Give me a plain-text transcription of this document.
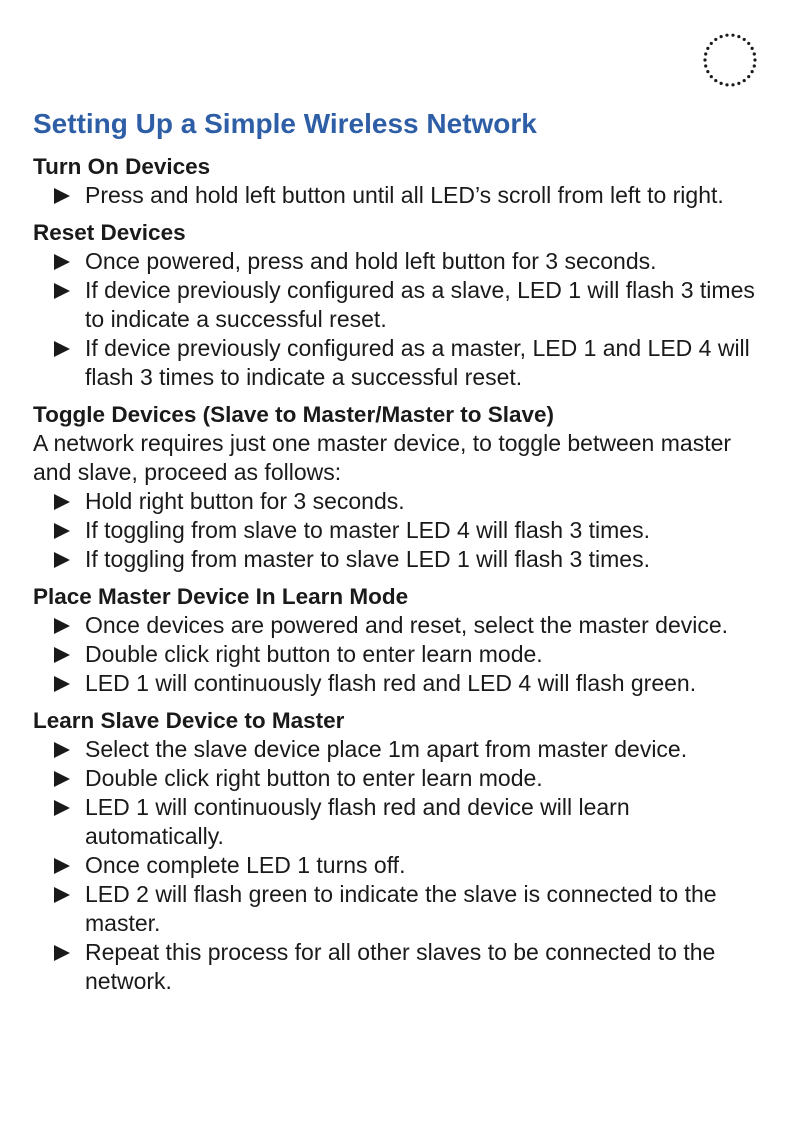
Setting Up a Simple Wireless Network
Turn On Devices
Press and hold left button until all LED’s scroll from left to right.
Reset Devices
Once powered, press and hold left button for 3 seconds.
If device previously configured as a slave, LED 1 will flash 3 times to indicate a successful reset.
If device previously configured as a master, LED 1 and LED 4 will flash 3 times to indicate a successful reset.
Toggle Devices (Slave to Master/Master to Slave)

A network requires just one master device, to toggle between master and slave, proceed as follows:

Hold right button for 3 seconds.
If toggling from slave to master LED 4 will flash 3 times.
If toggling from master to slave LED 1 will flash 3 times.
Place Master Device In Learn Mode
Once devices are powered and reset, select the master device.
Double click right button to enter learn mode.
LED 1 will continuously flash red and LED 4 will flash green.
Learn Slave Device to Master
Select the slave device place 1m apart from master device.
Double click right button to enter learn mode.
LED 1 will continuously flash red and device will learn automatically.
Once complete LED 1 turns off.
LED 2 will flash green to indicate the slave is connected to the master.
Repeat this process for all other slaves to be connected to the network.
